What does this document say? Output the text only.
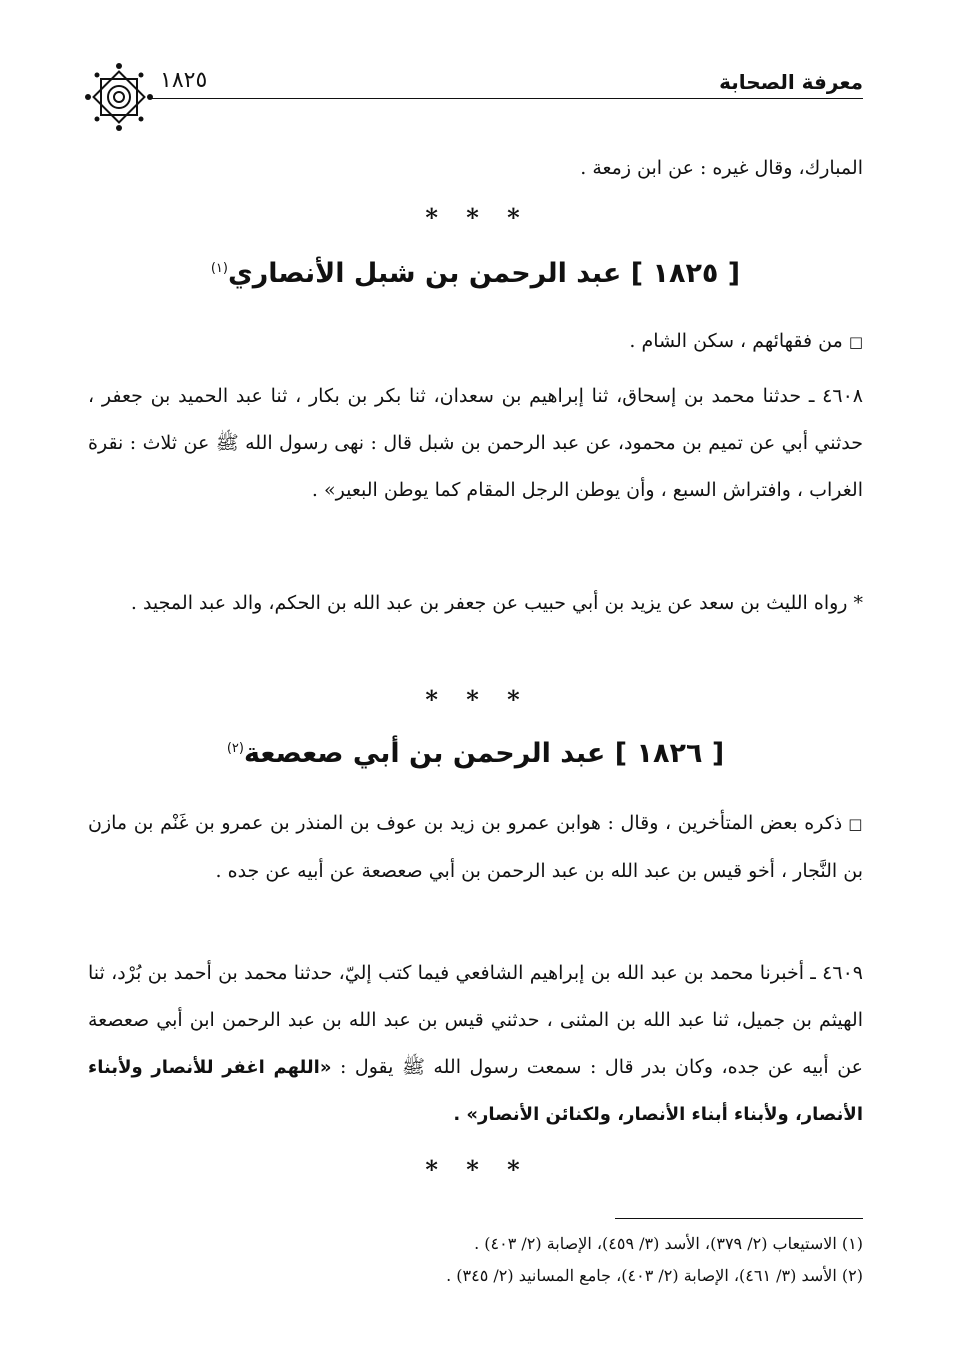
معرفة الصحابة
١٨٢٥

المبارك، وقال غيره : عن ابن زمعة .

* * *
[ ١٨٢٥ ] عبد الرحمن بن شبل الأنصاري$^{(١)}$

□من فقهائهم ، سكن الشام .

٤٦٠٨ ـ حدثنا محمد بن إسحاق، ثنا إبراهيم بن سعدان، ثنا بكر بن بكار ، ثنا عبد الحميد بن جعفر ، حدثني أبي عن تميم بن محمود، عن عبد الرحمن بن شبل قال : نهى رسول الله ﷺ عن ثلاث : نقرة الغراب ، وافتراش السبع ، وأن يوطن الرجل المقام كما يوطن البعير» .

* رواه الليث بن سعد عن يزيد بن أبي حبيب عن جعفر بن عبد الله بن الحكم، والد عبد المجيد .

* * *
[ ١٨٢٦ ] عبد الرحمن بن أبي صعصعة$^{(٢)}$

□ذكره بعض المتأخرين ، وقال : هوابن عمرو بن زيد بن عوف بن المنذر بن عمرو بن غَنْم بن مازن بن النَّجار ، أخو قيس بن عبد الله بن عبد الرحمن بن أبي صعصعة عن أبيه عن جده .

٤٦٠٩ ـ أخبرنا محمد بن عبد الله بن إبراهيم الشافعي فيما كتب إليّ، حدثنا محمد بن أحمد بن بُرْد، ثنا الهيثم بن جميل، ثنا عبد الله بن المثنى ، حدثني قيس بن عبد الله بن عبد الرحمن ابن أبي صعصعة عن أبيه عن جده، وكان بدر قال : سمعت رسول الله ﷺ يقول : «اللهم اغفر للأنصار ولأبناء الأنصار، ولأبناء أبناء الأنصار، ولكنائن الأنصار» .

* * *

(١) الاستيعاب (٢/ ٣٧٩)، الأسد (٣/ ٤٥٩)، الإصابة (٢/ ٤٠٣) .

(٢) الأسد (٣/ ٤٦١)، الإصابة (٢/ ٤٠٣)، جامع المسانيد (٢/ ٣٤٥) .
